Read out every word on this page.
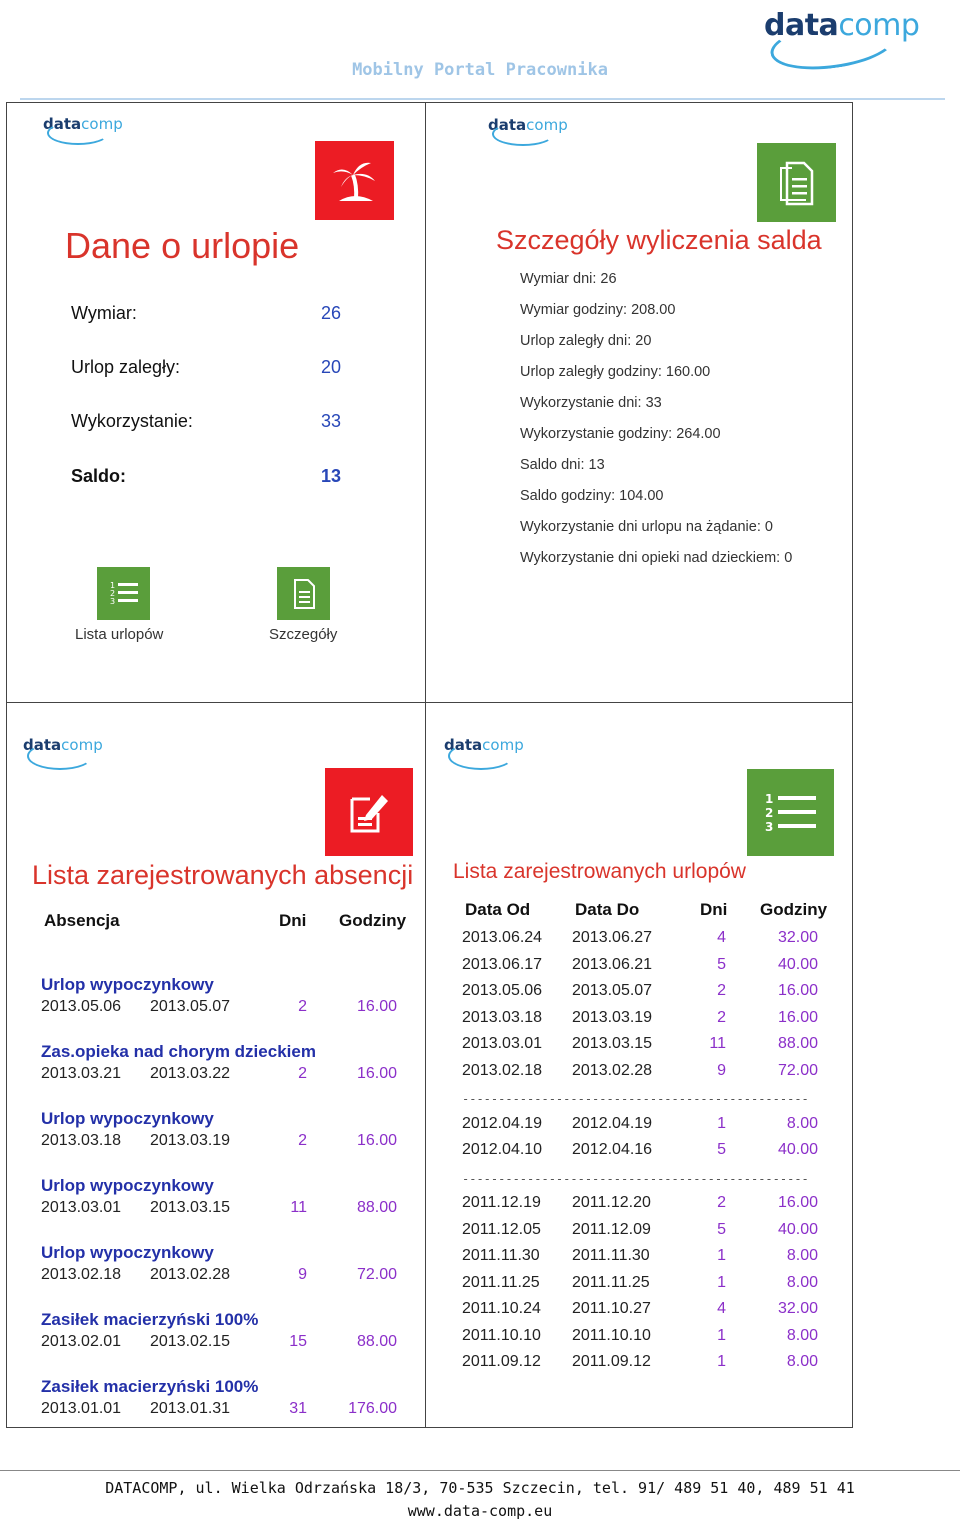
datacomp
Mobilny Portal Pracownika
datacomp
Dane o urlopie
Wymiar:	26
Urlop zaległy:	20
Wykorzystanie:	33
Saldo:	13
1
2
3
Lista urlopów	Szczegóły
datacomp
Szczegóły wyliczenia salda
Wymiar dni: 26
Wymiar godziny: 208.00
Urlop zaległy dni: 20
Urlop zaległy godziny: 160.00
Wykorzystanie dni: 33
Wykorzystanie godziny: 264.00
Saldo dni: 13
Saldo godziny: 104.00
Wykorzystanie dni urlopu na żądanie: 0
Wykorzystanie dni opieki nad dzieckiem: 0
datacomp
Lista zarejestrowanych absencji
Absencja	Dni Godziny
Urlop wypoczynkowy
2013.05.06 2013.05.07	2	16.00
Zas.opieka nad chorym dzieckiem
2013.03.21 2013.03.22	2	16.00
Urlop wypoczynkowy
2013.03.18 2013.03.19	2	16.00
Urlop wypoczynkowy
2013.03.01 2013.03.15	11	88.00
Urlop wypoczynkowy
2013.02.18 2013.02.28	9	72.00
Zasiłek macierzyński 100%
2013.02.01 2013.02.15	15	88.00
Zasiłek macierzyński 100%
2013.01.01 2013.01.31	31	176.00
datacomp
1
2
3
Lista zarejestrowanych urlopów
Data Od	Data Do	Dni Godziny
2013.06.24 2013.06.27	4	32.00
2013.06.17 2013.06.21	5	40.00
2013.05.06 2013.05.07	2	16.00
2013.03.18 2013.03.19	2	16.00
2013.03.01 2013.03.15	11	88.00
2013.02.18 2013.02.28	9	72.00
------------------------------------------------
2012.04.19 2012.04.19	1	8.00
2012.04.10 2012.04.16	5	40.00
------------------------------------------------
2011.12.19 2011.12.20	2	16.00
2011.12.05 2011.12.09	5	40.00
2011.11.30 2011.11.30	1	8.00
2011.11.25 2011.11.25	1	8.00
2011.10.24 2011.10.27	4	32.00
2011.10.10 2011.10.10	1	8.00
2011.09.12 2011.09.12	1	8.00
DATACOMP, ul. Wielka Odrzańska 18/3, 70-535 Szczecin, tel. 91/ 489 51 40, 489 51 41
www.data-comp.eu
